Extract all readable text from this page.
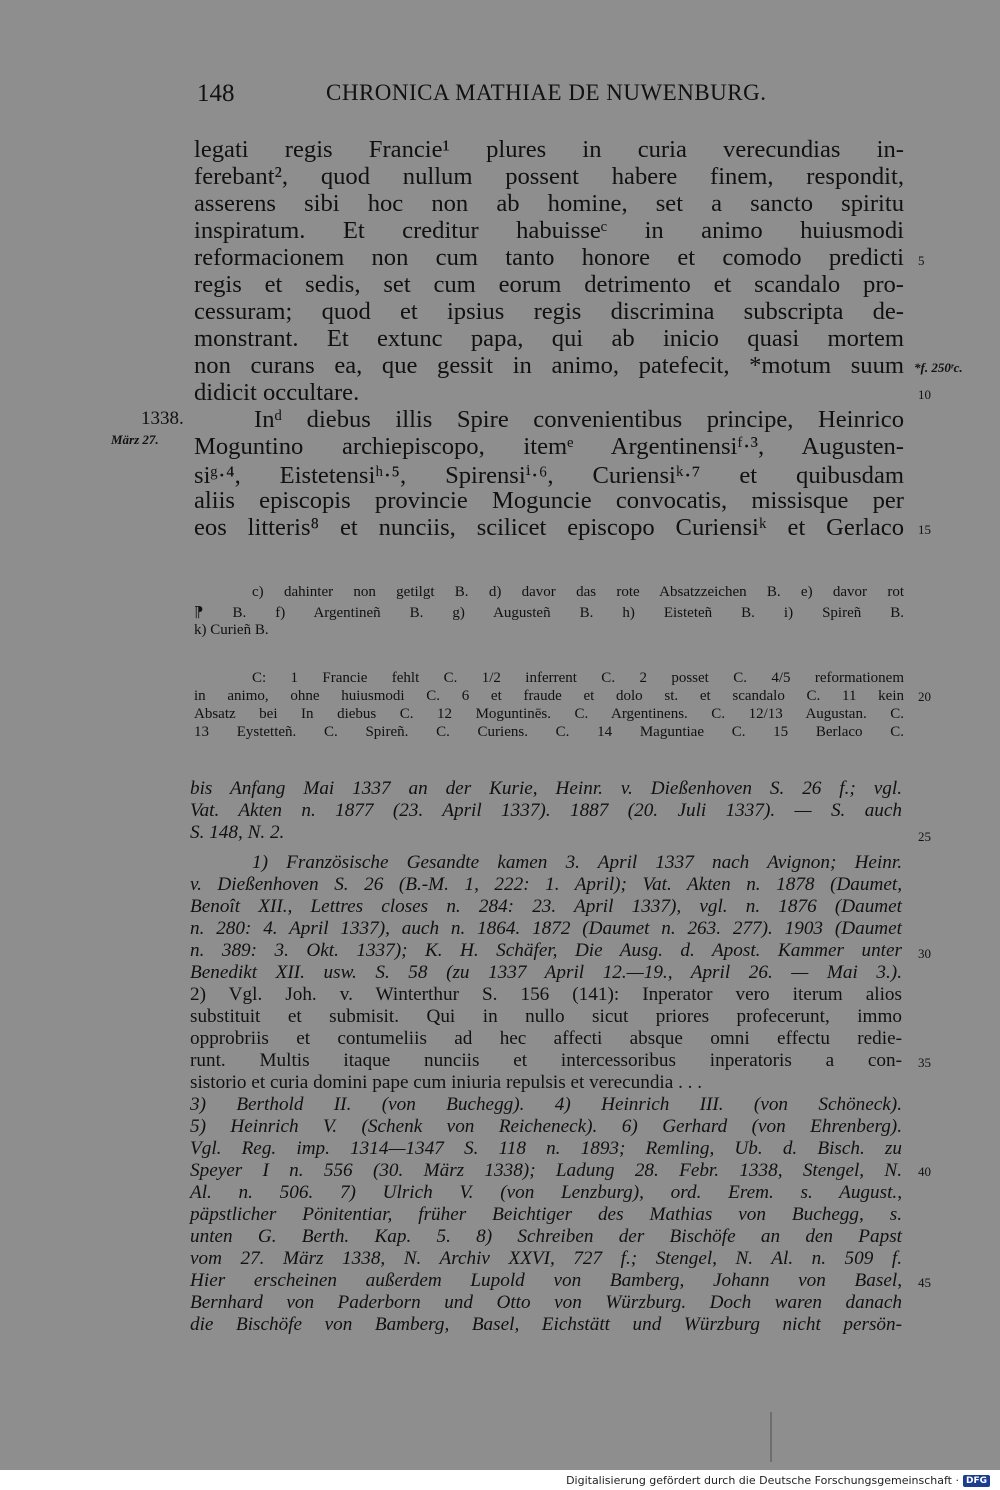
148	CHRONICA MATHIAE DE NUWENBURG.
legati regis Francie¹ plures in curia verecundias in-
ferebant², quod nullum possent habere finem, respondit,
asserens sibi hoc non ab homine, set a sancto spiritu
inspiratum. Et creditur habuisseᶜ in animo huiusmodi
reformacionem non cum tanto honore et comodo predicti
regis et sedis, set cum eorum detrimento et scandalo pro-
cessuram; quod et ipsius regis discrimina subscripta de-
monstrant. Et extunc papa, qui ab inicio quasi mortem
non curans ea, que gessit in animo, patefecit, *motum suum
didicit occultare.
Inᵈ diebus illis Spire convenientibus principe, Heinrico
Moguntino archiepiscopo, itemᵉ Argentinensiᶠ·³, Augusten-
siᵍ·⁴, Eistetensiʰ·⁵, Spirensiⁱ·⁶, Curiensiᵏ·⁷ et quibusdam
aliis episcopis provincie Moguncie convocatis, missisque per
eos litteris⁸ et nunciis, scilicet episcopo Curiensiᵏ et Gerlaco
1338.
März 27.
*f. 250ʳc.
5
10
15
20
25
30
35
40
45
c) dahinter non getilgt B. d) davor das rote Absatzzeichen B. e) davor rot
⁋ B. f) Argentineñ B. g) Augusteñ B. h) Eisteteñ B. i) Spireñ B.
k) Curieñ B.
C: 1 Francie fehlt C. 1/2 inferrent C. 2 posset C. 4/5 reformationem
in animo, ohne huiusmodi C. 6 et fraude et dolo st. et scandalo C. 11 kein
Absatz bei In diebus C. 12 Moguntinēs. C. Argentinens. C. 12/13 Augustan. C.
13 Eystetteñ. C. Spireñ. C. Curiens. C. 14 Maguntiae C. 15 Berlaco C.
bis Anfang Mai 1337 an der Kurie, Heinr. v. Dießenhoven S. 26 f.; vgl.
Vat. Akten n. 1877 (23. April 1337). 1887 (20. Juli 1337). — S. auch
S. 148, N. 2.
1) Französische Gesandte kamen 3. April 1337 nach Avignon; Heinr.
v. Dießenhoven S. 26 (B.-M. 1, 222: 1. April); Vat. Akten n. 1878 (Daumet,
Benoît XII., Lettres closes n. 284: 23. April 1337), vgl. n. 1876 (Daumet
n. 280: 4. April 1337), auch n. 1864. 1872 (Daumet n. 263. 277). 1903 (Daumet
n. 389: 3. Okt. 1337); K. H. Schäfer, Die Ausg. d. Apost. Kammer unter
Benedikt XII. usw. S. 58 (zu 1337 April 12.—19., April 26. — Mai 3.).
2) Vgl. Joh. v. Winterthur S. 156 (141): Inperator vero iterum alios
substituit et submisit. Qui in nullo sicut priores profecerunt, immo
opprobriis et contumeliis ad hec affecti absque omni effectu redie-
runt. Multis itaque nunciis et intercessoribus inperatoris a con-
sistorio et curia domini pape cum iniuria repulsis et verecundia . . .
3) Berthold II. (von Buchegg). 4) Heinrich III. (von Schöneck).
5) Heinrich V. (Schenk von Reicheneck). 6) Gerhard (von Ehrenberg).
Vgl. Reg. imp. 1314—1347 S. 118 n. 1893; Remling, Ub. d. Bisch. zu
Speyer I n. 556 (30. März 1338); Ladung 28. Febr. 1338, Stengel, N.
Al. n. 506. 7) Ulrich V. (von Lenzburg), ord. Erem. s. August.,
päpstlicher Pönitentiar, früher Beichtiger des Mathias von Buchegg, s.
unten G. Berth. Kap. 5. 8) Schreiben der Bischöfe an den Papst
vom 27. März 1338, N. Archiv XXVI, 727 f.; Stengel, N. Al. n. 509 f.
Hier erscheinen außerdem Lupold von Bamberg, Johann von Basel,
Bernhard von Paderborn und Otto von Würzburg. Doch waren danach
die Bischöfe von Bamberg, Basel, Eichstätt und Würzburg nicht persön-
Digitalisierung gefördert durch die Deutsche Forschungsgemeinschaft · DFG
